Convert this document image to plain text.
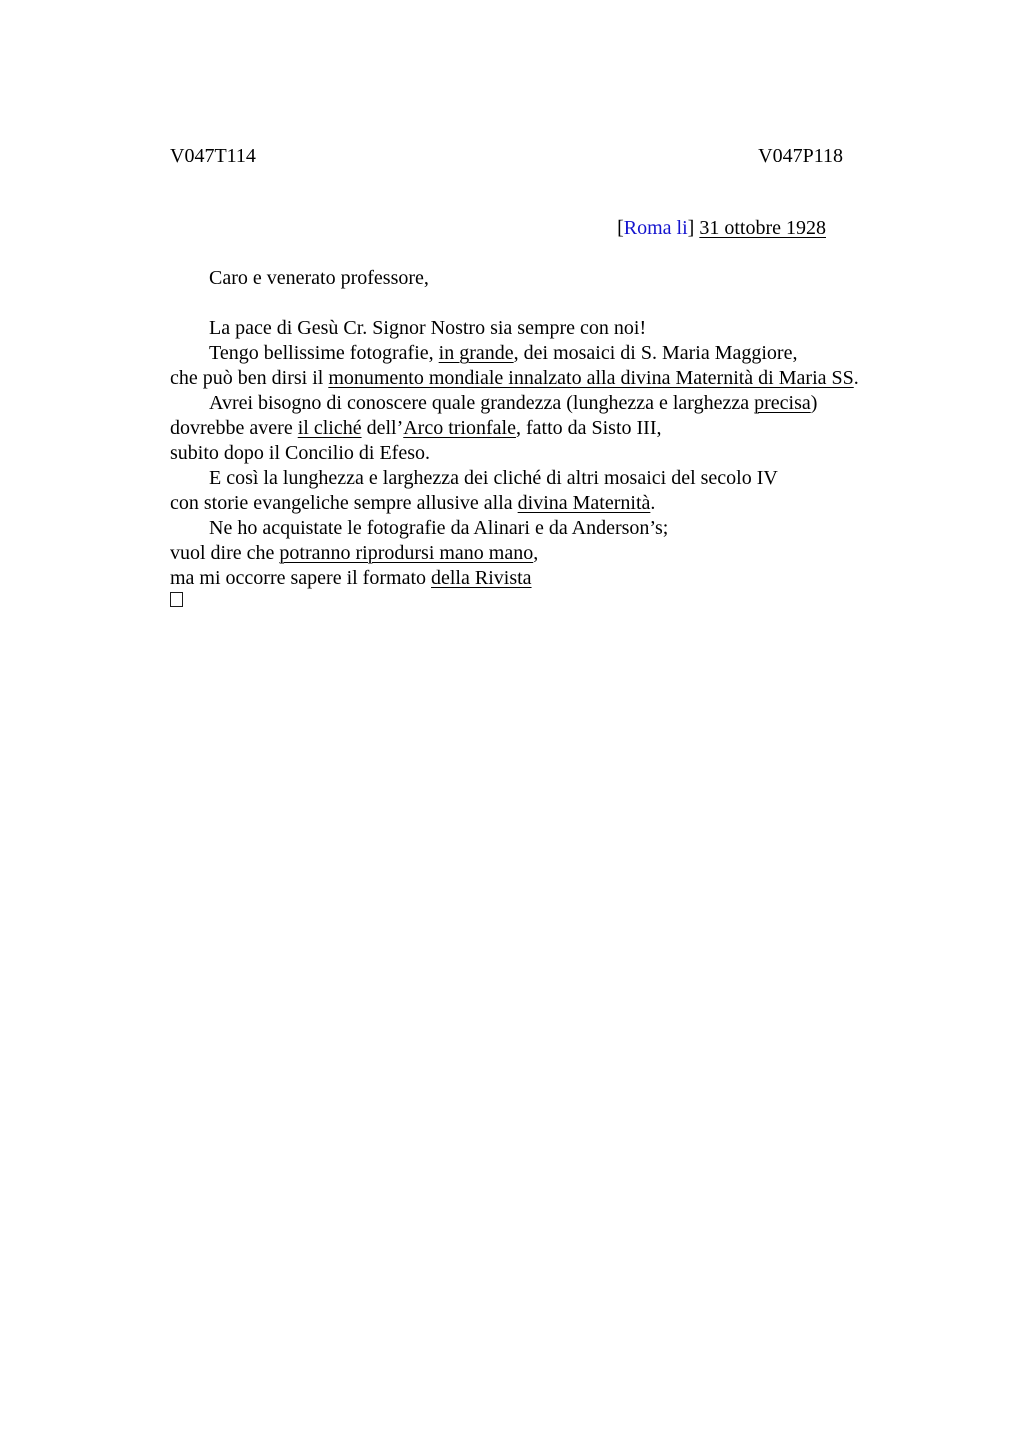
V047T114	V047P118
[Roma li] 31 ottobre 1928
Caro e venerato professore,
La pace di Gesù Cr. Signor Nostro sia sempre con noi!
Tengo bellissime fotografie, in grande, dei mosaici di S. Maria Maggiore,
che può ben dirsi il monumento mondiale innalzato alla divina Maternità di Maria SS.
Avrei bisogno di conoscere quale grandezza (lunghezza e larghezza precisa)
dovrebbe avere il cliché dell’Arco trionfale, fatto da Sisto III,
subito dopo il Concilio di Efeso.
E così la lunghezza e larghezza dei cliché di altri mosaici del secolo IV
con storie evangeliche sempre allusive alla divina Maternità.
Ne ho acquistate le fotografie da Alinari e da Anderson’s;
vuol dire che potranno riprodursi mano mano,
ma mi occorre sapere il formato della Rivista
